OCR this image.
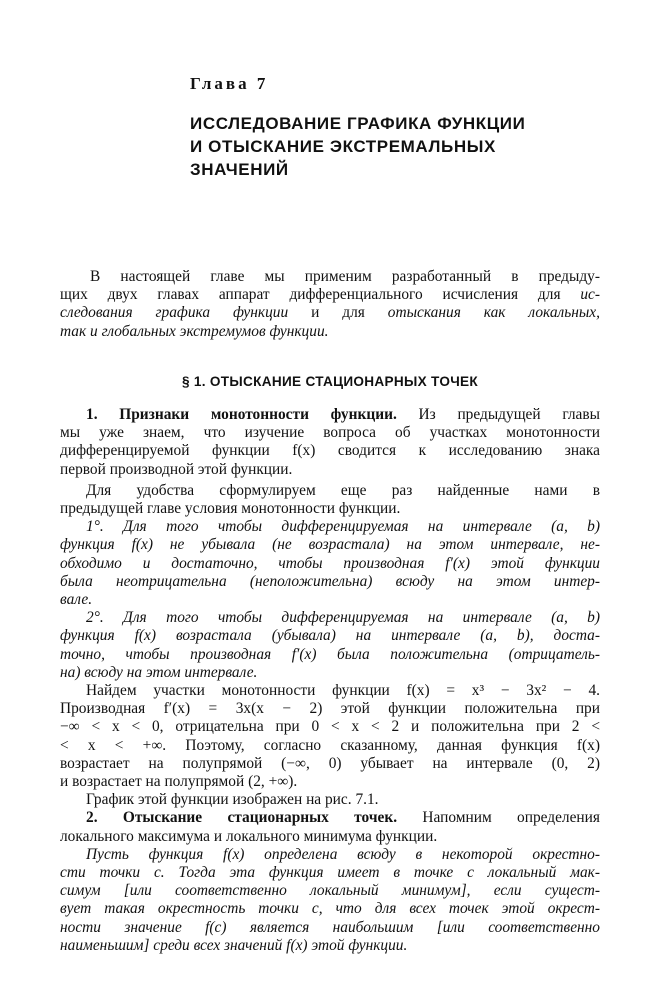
Глава 7
ИССЛЕДОВАНИЕ ГРАФИКА ФУНКЦИИ
И ОТЫСКАНИЕ ЭКСТРЕМАЛЬНЫХ
ЗНАЧЕНИЙ
В настоящей главе мы применим разработанный в предыду-
щих двух главах аппарат дифференциального исчисления для ис-
следования графика функции и для отыскания как локальных,
так и глобальных экстремумов функции.
§ 1. ОТЫСКАНИЕ СТАЦИОНАРНЫХ ТОЧЕК
1. Признаки монотонности функции. Из предыдущей главы
мы уже знаем, что изучение вопроса об участках монотонности
дифференцируемой функции f(x) сводится к исследованию знака
первой производной этой функции.
Для удобства сформулируем еще раз найденные нами в
предыдущей главе условия монотонности функции.
1°. Для того чтобы дифференцируемая на интервале (a, b)
функция f(x) не убывала (не возрастала) на этом интервале, не-
обходимо и достаточно, чтобы производная f′(x) этой функции
была неотрицательна (неположительна) всюду на этом интер-
вале.
2°. Для того чтобы дифференцируемая на интервале (a, b)
функция f(x) возрастала (убывала) на интервале (a, b), доста-
точно, чтобы производная f′(x) была положительна (отрицатель-
на) всюду на этом интервале.
Найдем участки монотонности функции f(x) = x³ − 3x² − 4.
Производная f′(x) = 3x(x − 2) этой функции положительна при
−∞ < x < 0, отрицательна при 0 < x < 2 и положительна при 2 <
< x < +∞. Поэтому, согласно сказанному, данная функция f(x)
возрастает на полупрямой (−∞, 0) убывает на интервале (0, 2)
и возрастает на полупрямой (2, +∞).
График этой функции изображен на рис. 7.1.
2. Отыскание стационарных точек. Напомним определения
локального максимума и локального минимума функции.
Пусть функция f(x) определена всюду в некоторой окрестно-
сти точки c. Тогда эта функция имеет в точке c локальный мак-
симум [или соответственно локальный минимум], если сущест-
вует такая окрестность точки c, что для всех точек этой окрест-
ности значение f(c) является наибольшим [или соответственно
наименьшим] среди всех значений f(x) этой функции.
